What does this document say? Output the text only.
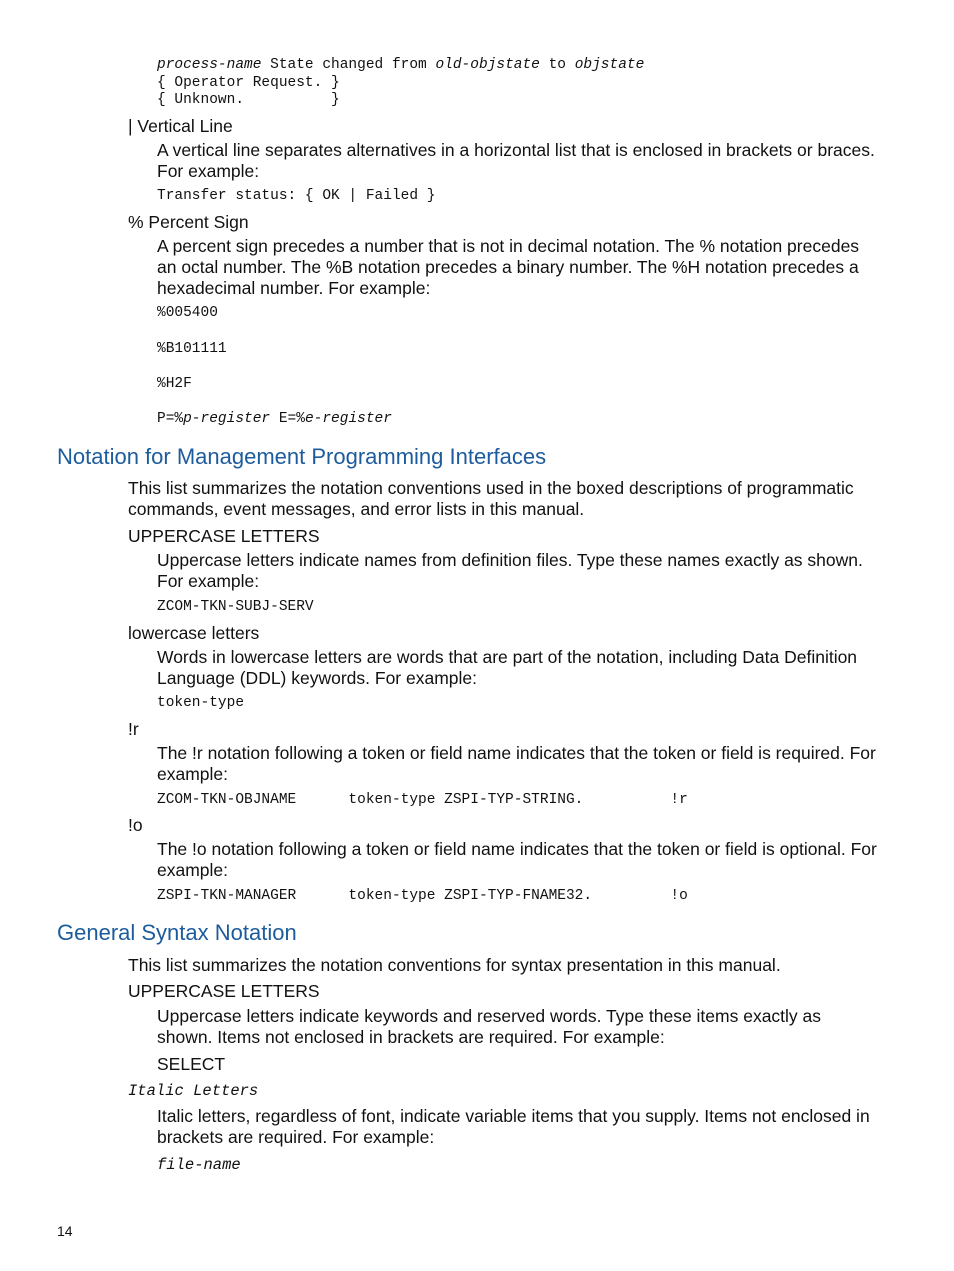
process-name State changed from old-objstate to objstate
{ Operator Request. }
{ Unknown.          }
| Vertical Line
A vertical line separates alternatives in a horizontal list that is enclosed in brackets or braces. For example:
Transfer status: { OK | Failed }
% Percent Sign
A percent sign precedes a number that is not in decimal notation. The % notation precedes an octal number. The %B notation precedes a binary number. The %H notation precedes a hexadecimal number. For example:
%005400
%B101111
%H2F
P=%p-register E=%e-register
Notation for Management Programming Interfaces
This list summarizes the notation conventions used in the boxed descriptions of programmatic commands, event messages, and error lists in this manual.
UPPERCASE LETTERS
Uppercase letters indicate names from definition files. Type these names exactly as shown. For example:
ZCOM-TKN-SUBJ-SERV
lowercase letters
Words in lowercase letters are words that are part of the notation, including Data Definition Language (DDL) keywords. For example:
token-type
!r
The !r notation following a token or field name indicates that the token or field is required. For example:
ZCOM-TKN-OBJNAME      token-type ZSPI-TYP-STRING.          !r
!o
The !o notation following a token or field name indicates that the token or field is optional. For example:
ZSPI-TKN-MANAGER      token-type ZSPI-TYP-FNAME32.         !o
General Syntax Notation
This list summarizes the notation conventions for syntax presentation in this manual.
UPPERCASE LETTERS
Uppercase letters indicate keywords and reserved words. Type these items exactly as shown. Items not enclosed in brackets are required. For example:
SELECT
Italic Letters
Italic letters, regardless of font, indicate variable items that you supply. Items not enclosed in brackets are required. For example:
file-name
14
